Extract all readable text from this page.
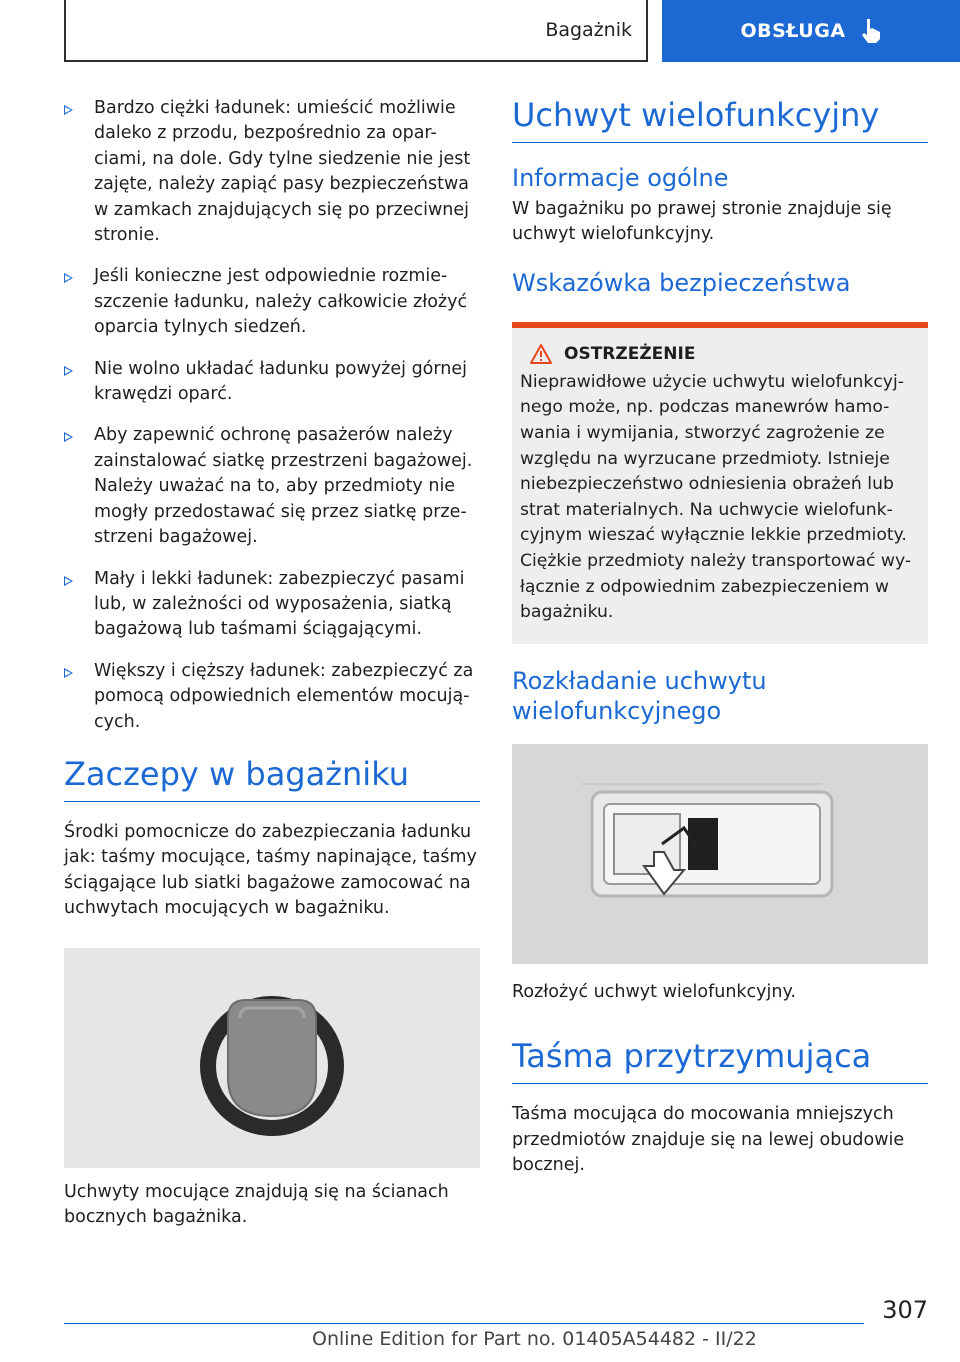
Bagażnik	OBSŁUGA
Bardzo ciężki ładunek: umieścić możliwie daleko z przodu, bezpośrednio za opar-ciami, na dole. Gdy tylne siedzenie nie jest zajęte, należy zapiąć pasy bezpieczeństwa w zamkach znajdujących się po przeciwnej stronie.
Jeśli konieczne jest odpowiednie rozmie-szczenie ładunku, należy całkowicie złożyć oparcia tylnych siedzeń.
Nie wolno układać ładunku powyżej górnej krawędzi oparć.
Aby zapewnić ochronę pasażerów należy zainstalować siatkę przestrzeni bagażowej. Należy uważać na to, aby przedmioty nie mogły przedostawać się przez siatkę prze-strzeni bagażowej.
Mały i lekki ładunek: zabezpieczyć pasami lub, w zależności od wyposażenia, siatką bagażową lub taśmami ściągającymi.
Większy i cięższy ładunek: zabezpieczyć za pomocą odpowiednich elementów mocują-cych.
Zaczepy w bagażniku

Środki pomocnicze do zabezpieczania ładunku jak: taśmy mocujące, taśmy napinające, taśmy ściągające lub siatki bagażowe zamocować na uchwytach mocujących w bagażniku.

Uchwyty mocujące znajdują się na ścianach bocznych bagażnika.

Uchwyt wielofunkcyjny
Informacje ogólne

W bagażniku po prawej stronie znajduje się uchwyt wielofunkcyjny.

Wskazówka bezpieczeństwa
OSTRZEŻENIE

Nieprawidłowe użycie uchwytu wielofunkcyj-nego może, np. podczas manewrów hamo-wania i wymijania, stworzyć zagrożenie ze względu na wyrzucane przedmioty. Istnieje niebezpieczeństwo odniesienia obrażeń lub strat materialnych. Na uchwycie wielofunk-cyjnym wieszać wyłącznie lekkie przedmioty. Ciężkie przedmioty należy transportować wy-łącznie z odpowiednim zabezpieczeniem w bagażniku.

Rozkładanie uchwytu wielofunkcyjnego

Rozłożyć uchwyt wielofunkcyjny.

Taśma przytrzymująca

Taśma mocująca do mocowania mniejszych przedmiotów znajduje się na lewej obudowie bocznej.

307
Online Edition for Part no. 01405A54482 - II/22
